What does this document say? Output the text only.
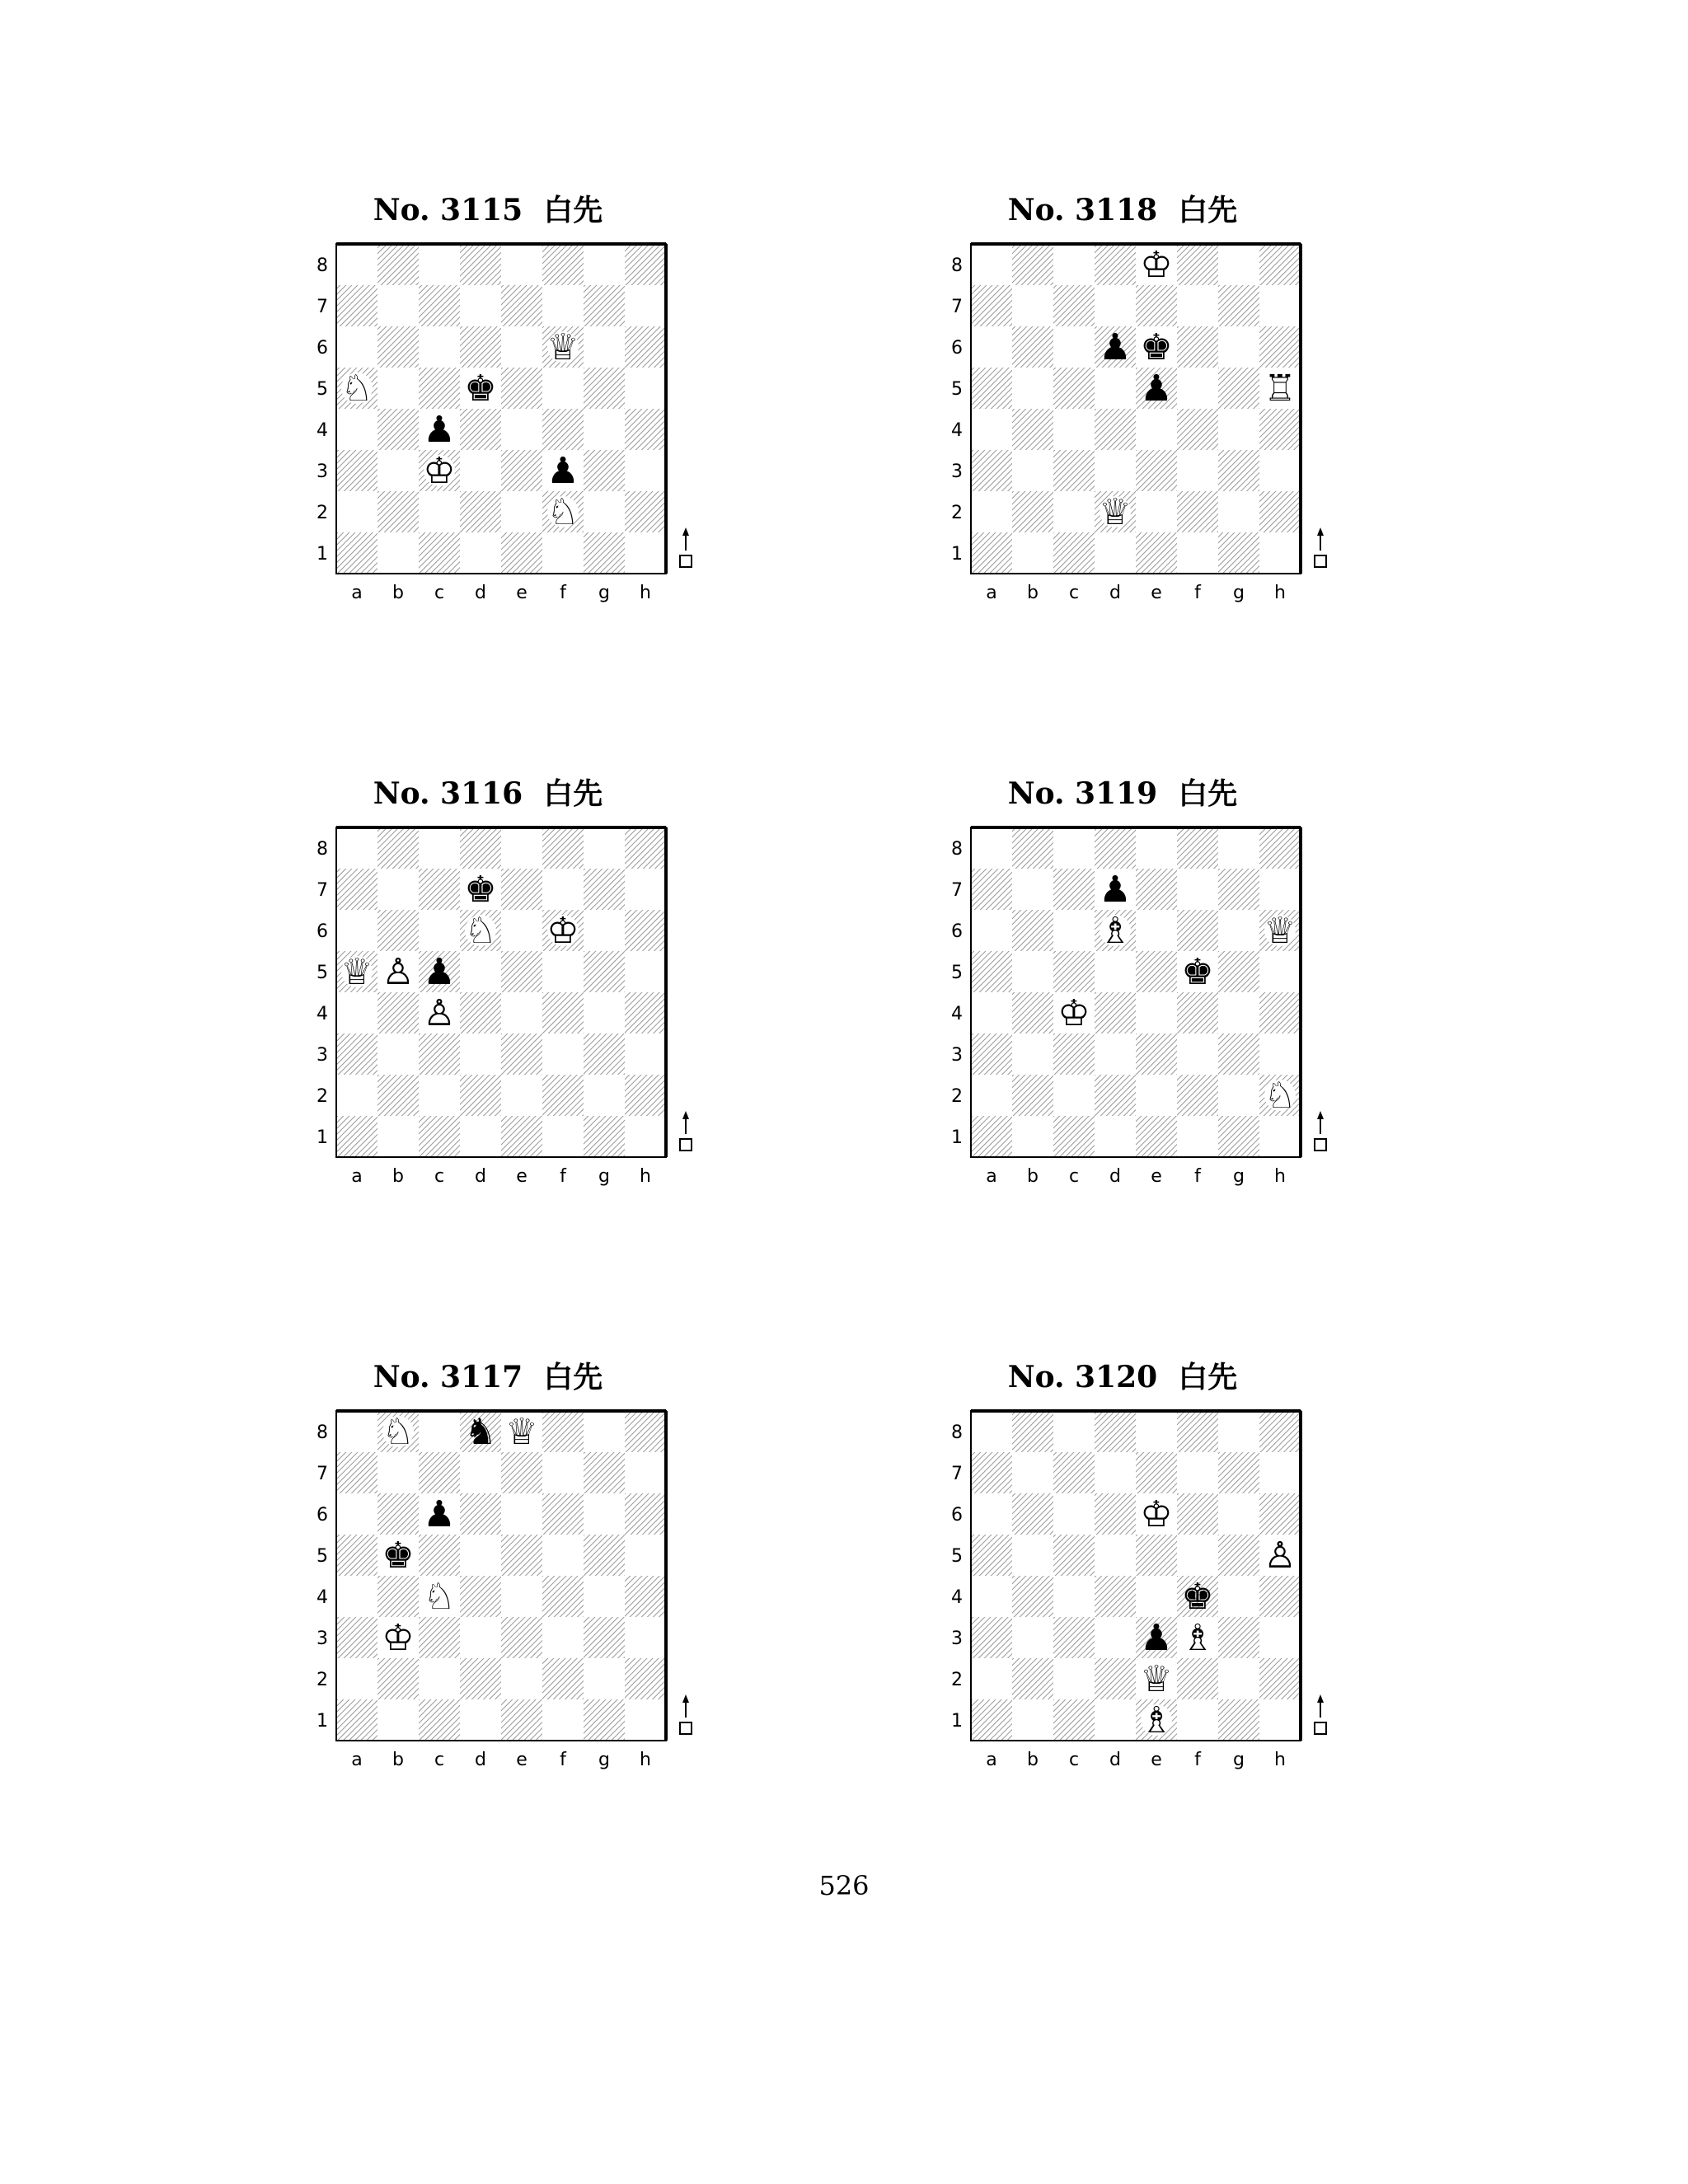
No. 3115  白先
8
7
6
5
4
3
2
1
a b c d e f g h
♘	♚
♕
♟
♔	♟
♘
No. 3118  白先
8
7
6
5
4
3
2
1
a b c d e f g h
♔
♟ ♚
♟	♖
♕
No. 3116  白先
8
7
6
5
4
3
2
1
a b c d e f g h
♚
♘ ♔
♕ ♙ ♟
♙
No. 3119  白先
8
7
6
5
4
3
2
1
a b c d e f g h
♟
♗	♕
♚
♔
♘
No. 3117  白先
8
7
6
5
4
3
2
1
a b c d e f g h
♘ ♞ ♕
♟
♚
♘
♔
No. 3120  白先
8
7
6
5
4
3
2
1
a b c d e f g h
♔
♙
♚
♟ ♗
♕
♗
526
